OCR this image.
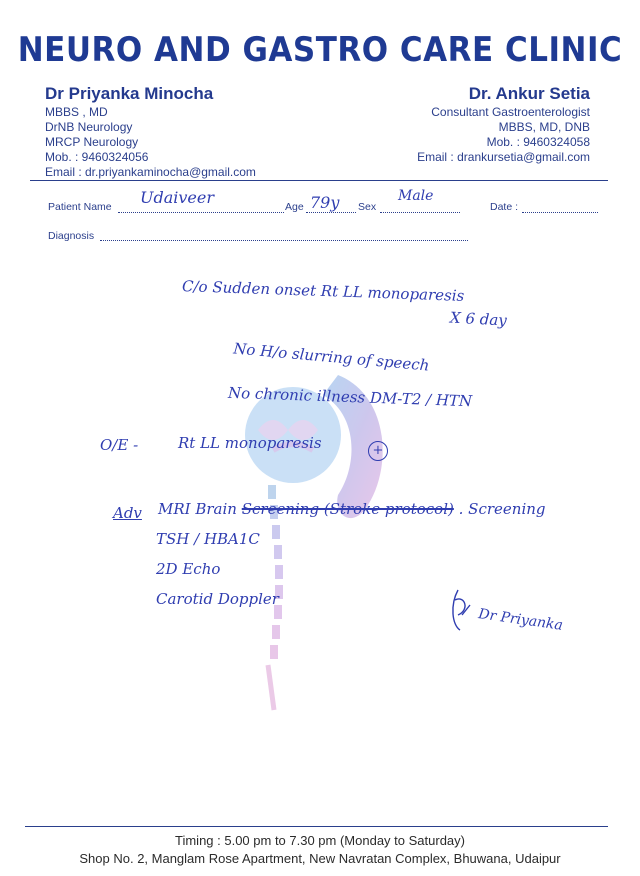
NEURO AND GASTRO CARE CLINIC
Dr Priyanka Minocha
MBBS , MD
DrNB Neurology
MRCP Neurology
Mob. : 9460324056
Email : dr.priyankaminocha@gmail.com
Dr. Ankur Setia
Consultant Gastroenterologist
MBBS, MD, DNB
Mob. : 9460324058
Email : drankursetia@gmail.com
Patient Name Udaiveer	Age 79y Sex
Male
Date :
Diagnosis
C/o Sudden onset Rt LL monoparesis
X 6 day
No H/o slurring of speech
No chronic illness DM-T2 / HTN
O/E -	Rt LL monoparesis	+
Adv MRI Brain Screening (Stroke protocol) . Screening
TSH / HBA1C
2D Echo
Carotid Doppler
Dr Priyanka
Timing : 5.00 pm to 7.30 pm (Monday to Saturday)
Shop No. 2, Manglam Rose Apartment, New Navratan Complex, Bhuwana, Udaipur
